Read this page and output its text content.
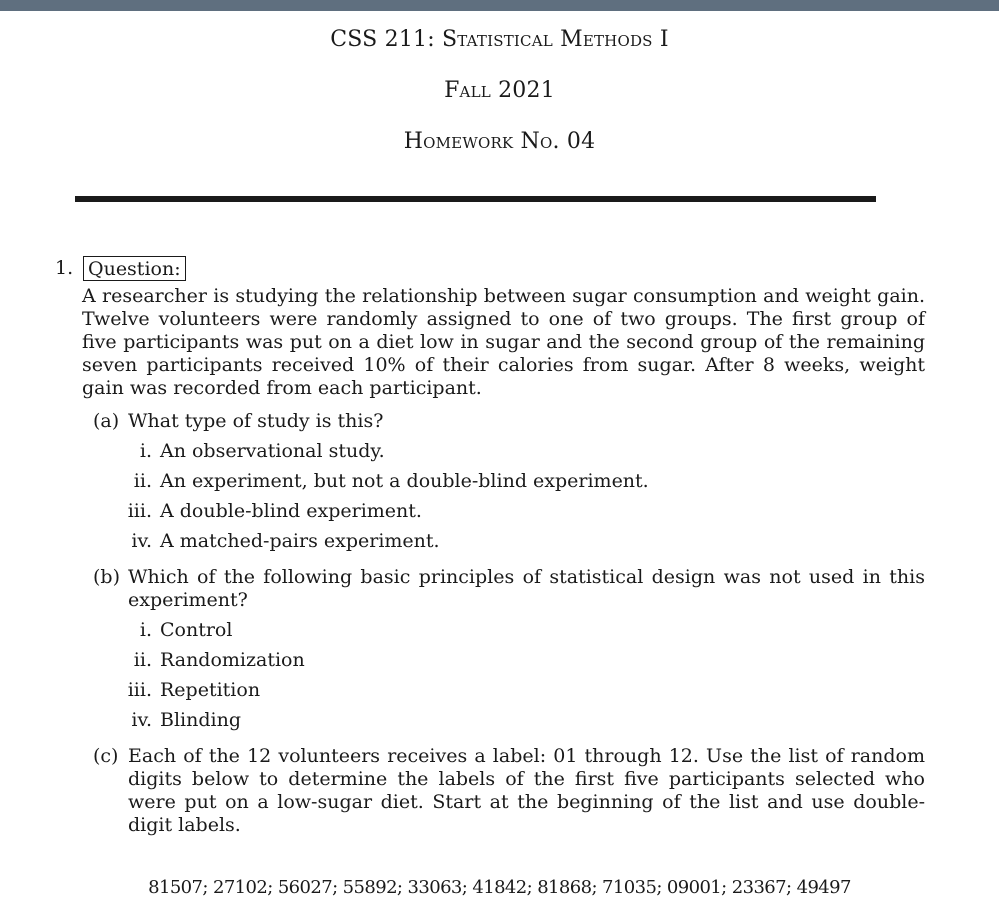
CSS 211: Statistical Methods I
Fall 2021
Homework No. 04
1. Question:
A researcher is studying the relationship between sugar consumption and weight gain. Twelve volunteers were randomly assigned to one of two groups. The first group of five participants was put on a diet low in sugar and the second group of the remaining seven participants received 10% of their calories from sugar. After 8 weeks, weight gain was recorded from each participant.
(a) What type of study is this?
i. An observational study.
ii. An experiment, but not a double-blind experiment.
iii. A double-blind experiment.
iv. A matched-pairs experiment.
(b) Which of the following basic principles of statistical design was not used in this experiment?
i. Control
ii. Randomization
iii. Repetition
iv. Blinding
(c) Each of the 12 volunteers receives a label: 01 through 12. Use the list of random digits below to determine the labels of the first five participants selected who were put on a low-sugar diet. Start at the beginning of the list and use double-digit labels.
81507; 27102; 56027; 55892; 33063; 41842; 81868; 71035; 09001; 23367; 49497
